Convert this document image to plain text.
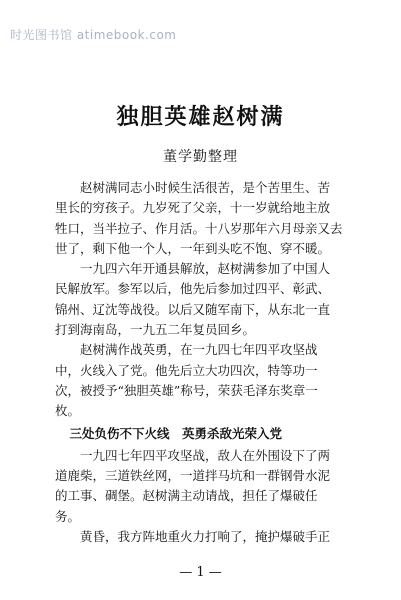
时光图书馆 atimebook.com
独胆英雄赵树满
董学勤整理

　　赵树满同志小时候生活很苦，是个苦里生、苦

里长的穷孩子。九岁死了父亲，十一岁就给地主放

牲口，当半拉子、作月活。十八岁那年六月母亲又去

世了，剩下他一个人，一年到头吃不饱、穿不暖。

　　一九四六年开通县解放，赵树满参加了中国人

民解放军。参军以后，他先后参加过四平、彰武、

锦州、辽沈等战役。以后又随军南下，从东北一直

打到海南岛，一九五二年复员回乡。

　　赵树满作战英勇，在一九四七年四平攻坚战

中，火线入了党。他先后立大功四次，特等功一

次，被授予“独胆英雄”称号，荣获毛泽东奖章一

枚。

　三处负伤不下火线　英勇杀敌光荣入党

　　一九四七年四平攻坚战，敌人在外围设下了两

道鹿柴，三道铁丝网，一道拌马坑和一群钢骨水泥

的工事、碉堡。赵树满主动请战，担任了爆破任

务。

　　黄昏，我方阵地重火力打响了，掩护爆破手正

— 1 —
